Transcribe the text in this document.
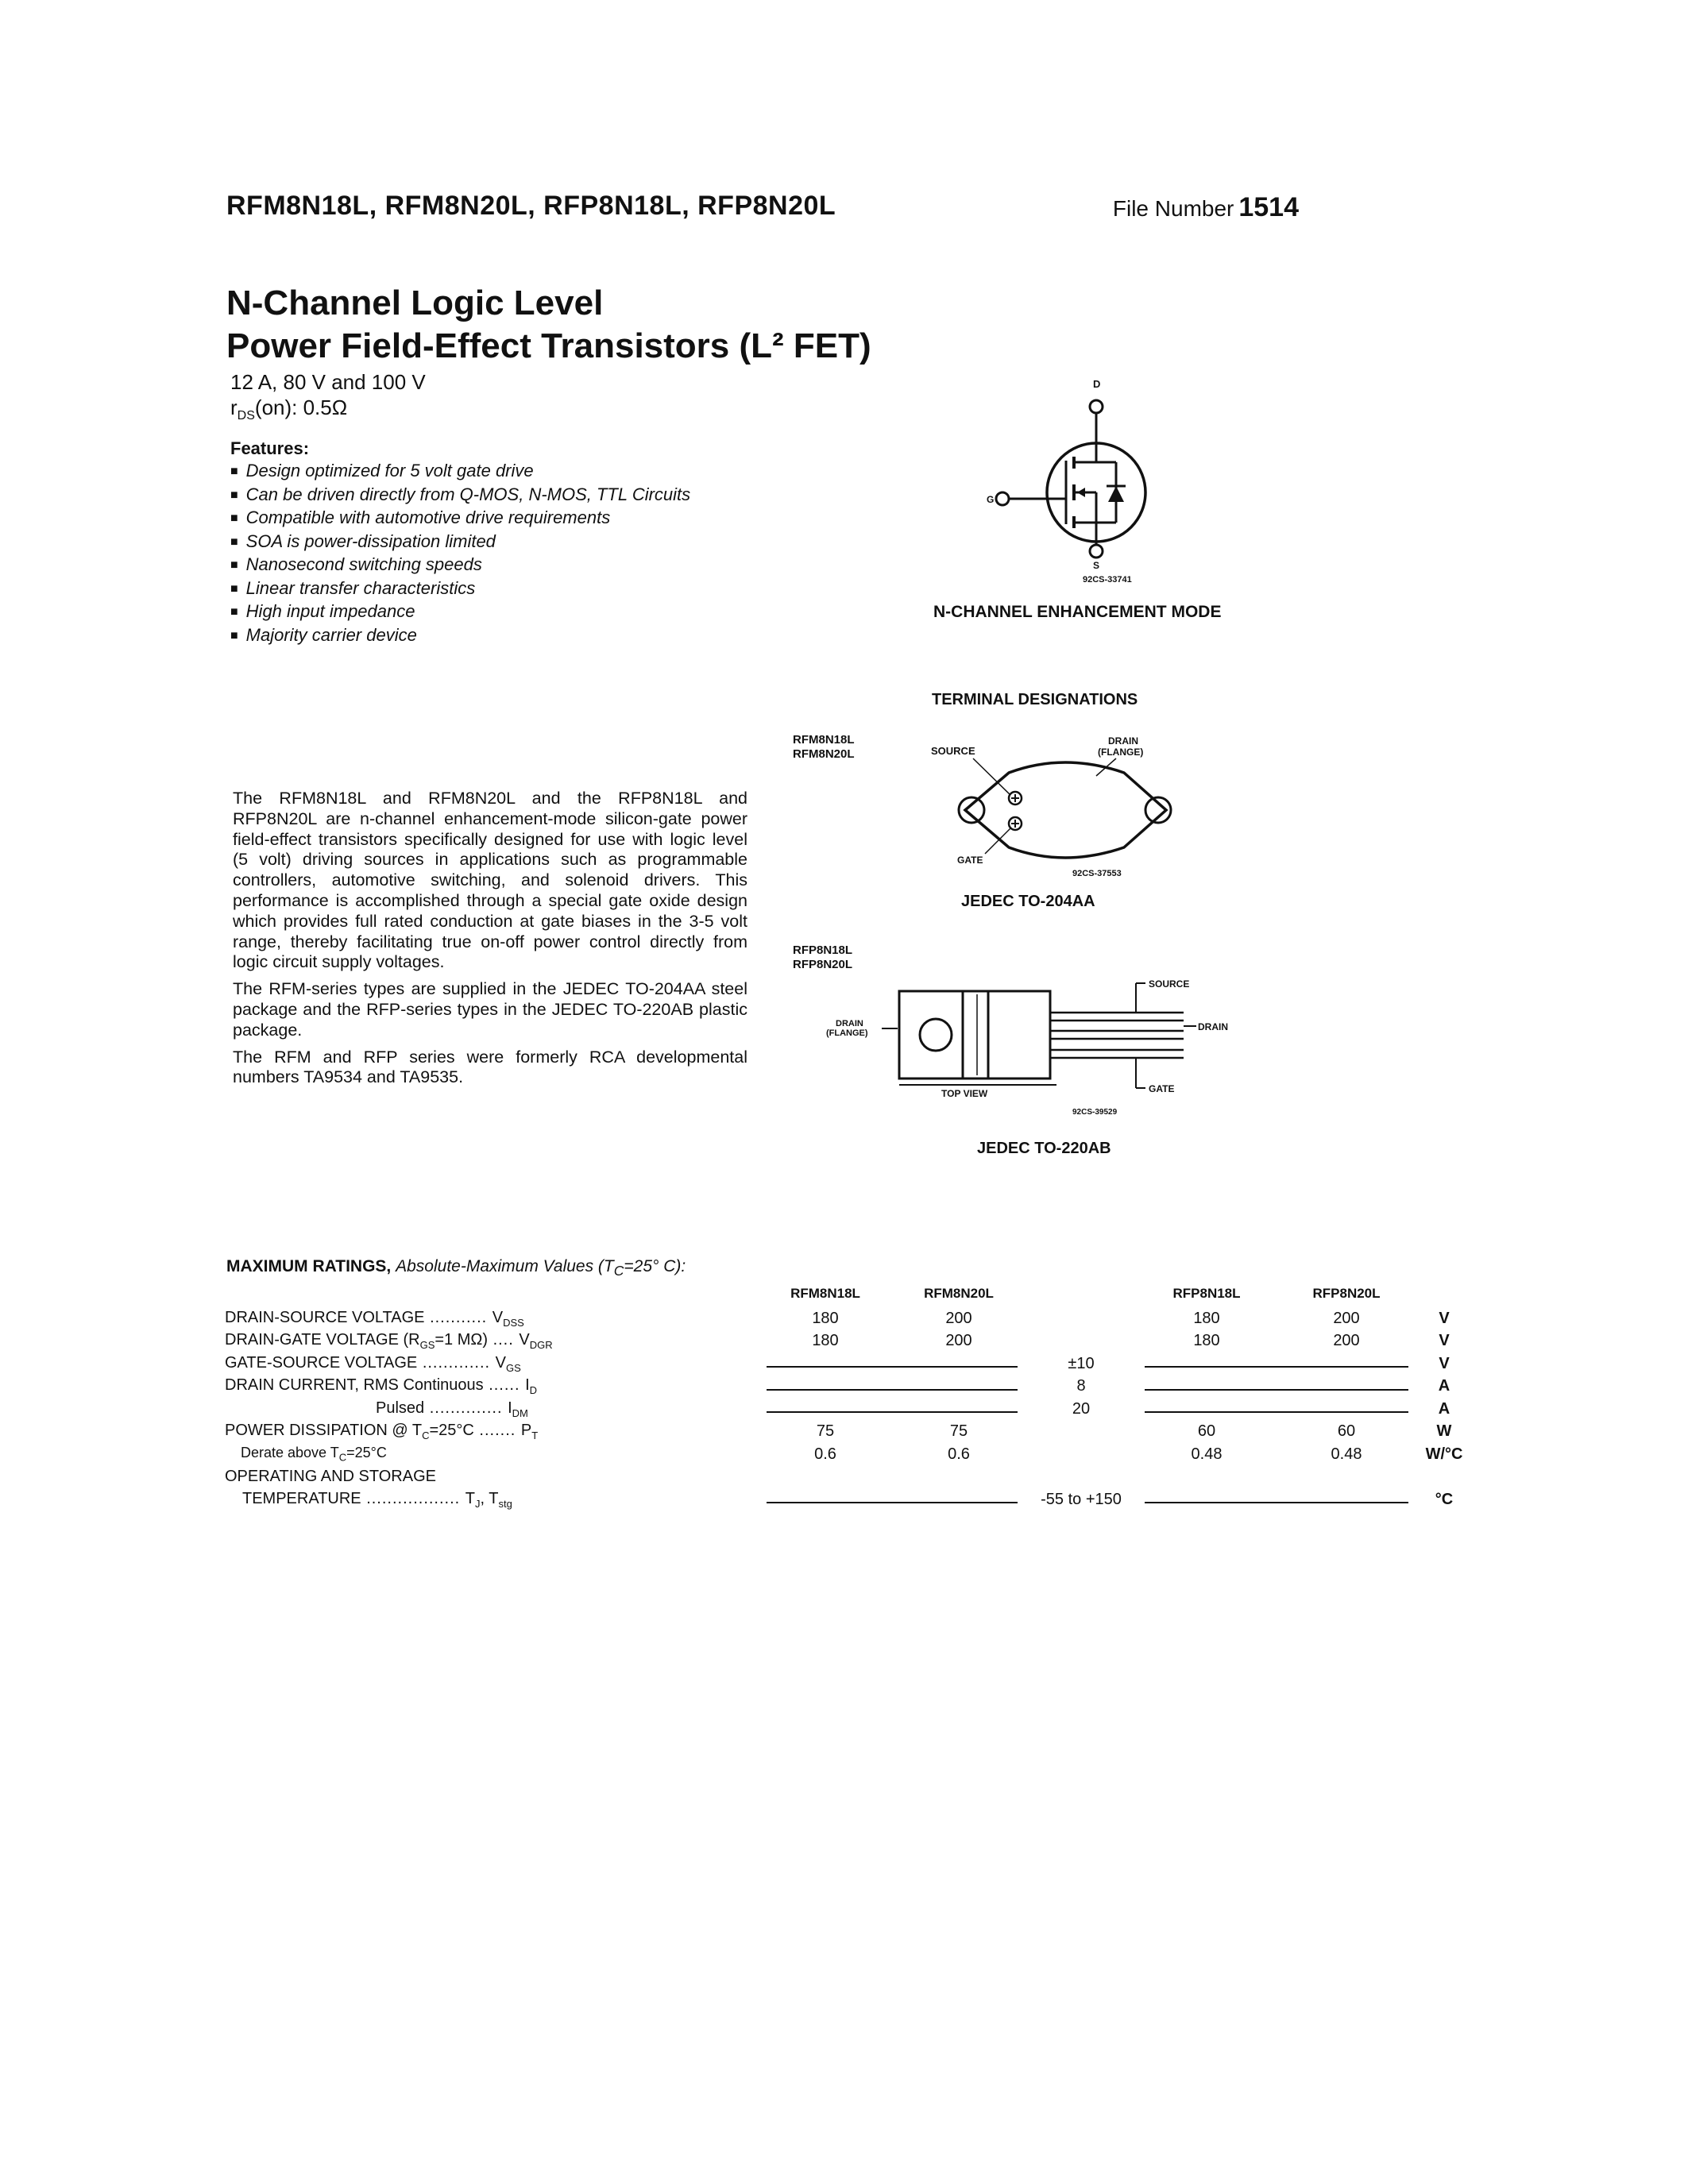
RFM8N18L, RFM8N20L, RFP8N18L, RFP8N20L	File Number 1514
N-Channel Logic Level
Power Field-Effect Transistors (L² FET)
12 A, 80 V and 100 V
$r_{DS}(on)$: 0.5Ω
Features:
■ Design optimized for 5 volt gate drive
■ Can be driven directly from Q-MOS, N-MOS, TTL Circuits
■ Compatible with automotive drive requirements
■ SOA is power-dissipation limited
■ Nanosecond switching speeds
■ Linear transfer characteristics
■ High input impedance
■ Majority carrier device
D
G
S
92CS-33741
N-CHANNEL ENHANCEMENT MODE
TERMINAL DESIGNATIONS
RFM8N18L
RFM8N20L	SOURCE
DRAIN
(FLANGE)
GATE
92CS-37553
JEDEC TO-204AA
RFP8N18L
RFP8N20L
DRAIN
(FLANGE)
SOURCE
DRAIN
GATE
TOP VIEW
92CS-39529
JEDEC TO-220AB

The RFM8N18L and RFM8N20L and the RFP8N18L and RFP8N20L are n-channel enhancement-mode silicon-gate power field-effect transistors specifically designed for use with logic level (5 volt) driving sources in applications such as programmable controllers, automotive switching, and solenoid drivers. This performance is accomplished through a special gate oxide design which provides full rated conduction at gate biases in the 3-5 volt range, thereby facilitating true on-off power control directly from logic circuit supply voltages.

The RFM-series types are supplied in the JEDEC TO-204AA steel package and the RFP-series types in the JEDEC TO-220AB plastic package.

The RFM and RFP series were formerly RCA developmental numbers TA9534 and TA9535.

MAXIMUM RATINGS, Absolute-Maximum Values ($T_C=25^\circ$ C):
	RFM8N18L	RFM8N20L		RFP8N18L	RFP8N20L	
DRAIN-SOURCE VOLTAGE ........... $V_{DSS}$	180	200		180	200	V
DRAIN-GATE VOLTAGE ($R_{GS}=1$ MΩ) .... $V_{DGR}$	180	200		180	200	V
GATE-SOURCE VOLTAGE ............. $V_{GS}$			±10			V
DRAIN CURRENT, RMS Continuous ...... $I_D$			8			A
Pulsed .............. $I_{DM}$			20			A
POWER DISSIPATION @ $T_C=25^\circ C$ ....... $P_T$	75	75		60	60	W
Derate above $T_C=25^\circ C$	0.6	0.6		0.48	0.48	W/°C
OPERATING AND STORAGE						
TEMPERATURE .................. $T_J$, $T_{stg}$			-55 to +150			°C
